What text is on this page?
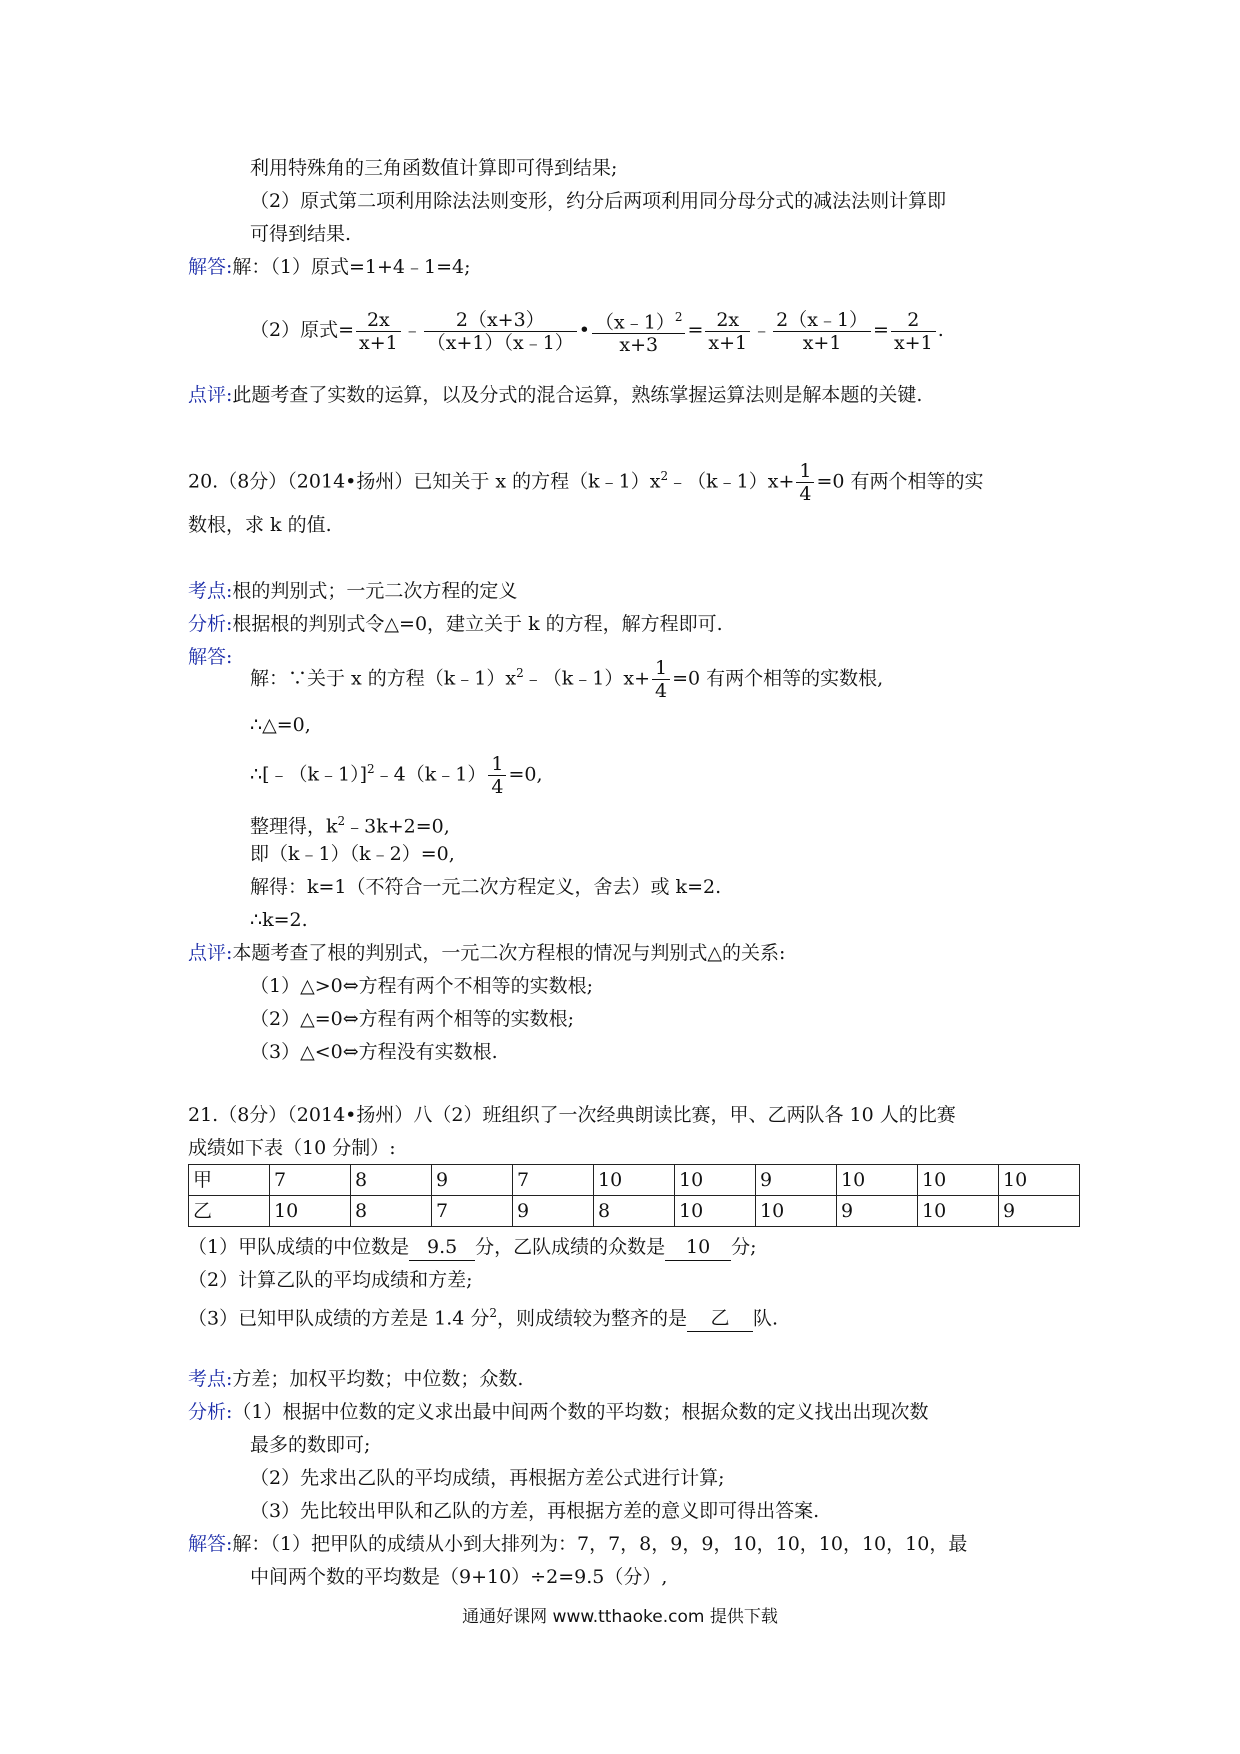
利用特殊角的三角函数值计算即可得到结果;
（2）原式第二项利用除法法则变形，约分后两项利用同分母分式的减法法则计算即
可得到结果.
解答:解：（1）原式=1+4﹣1=4;
（2）原式= $\frac{2x}{x+1}$ ﹣ $\frac{2(x+3)}{(x+1)(x﹣1)}$ • $\frac{(x﹣1)^2}{x+3} = \frac{2x}{x+1}$ ﹣ $\frac{2(x﹣1)}{x+1} = \frac{2}{x+1}$ .
点评:此题考查了实数的运算，以及分式的混合运算，熟练掌握运算法则是解本题的关键.
20.（8分）（2014•扬州）已知关于 x 的方程$(k﹣1)x^2﹣(k﹣1)x+ \frac{1}{4} =0$ 有两个相等的实
数根，求 k 的值.
考点:根的判别式；一元二次方程的定义
分析:根据根的判别式令△=0，建立关于 k 的方程，解方程即可.
解答:
解：∵关于 x 的方程$(k﹣1)x^2﹣(k﹣1)x+ \frac{1}{4} =0$ 有两个相等的实数根,
∴△=0,
∴[﹣（k﹣1）]$^2$﹣4（k﹣1） $\frac{1}{4} =0$,
整理得，$k^2﹣3k+2=0$,
即（k﹣1）（k﹣2）=0,
解得：k=1（不符合一元二次方程定义，舍去）或 k=2.
∴k=2.
点评:本题考查了根的判别式，一元二次方程根的情况与判别式△的关系:
（1）△>0⇔方程有两个不相等的实数根;
（2）△=0⇔方程有两个相等的实数根;
（3）△<0⇔方程没有实数根.
21.（8分）（2014•扬州）八（2）班组织了一次经典朗读比赛，甲、乙两队各 10 人的比赛
成绩如下表（10 分制）:
甲	7	8	9	7	10	10	9	10	10	10
乙	10	8	7	9	8	10	10	9	10	9
（1）甲队成绩的中位数是 9.5 分，乙队成绩的众数是 10 分;
（2）计算乙队的平均成绩和方差;
（3）已知甲队成绩的方差是 1.4 分$^2$，则成绩较为整齐的是 乙 队.
考点:方差；加权平均数；中位数；众数.
分析:（1）根据中位数的定义求出最中间两个数的平均数；根据众数的定义找出出现次数
最多的数即可;
（2）先求出乙队的平均成绩，再根据方差公式进行计算;
（3）先比较出甲队和乙队的方差，再根据方差的意义即可得出答案.
解答:解：（1）把甲队的成绩从小到大排列为：7，7，8，9，9，10，10，10，10，10，最
中间两个数的平均数是（9+10）÷2=9.5（分）,
通通好课网 www.tthaoke.com 提供下载
